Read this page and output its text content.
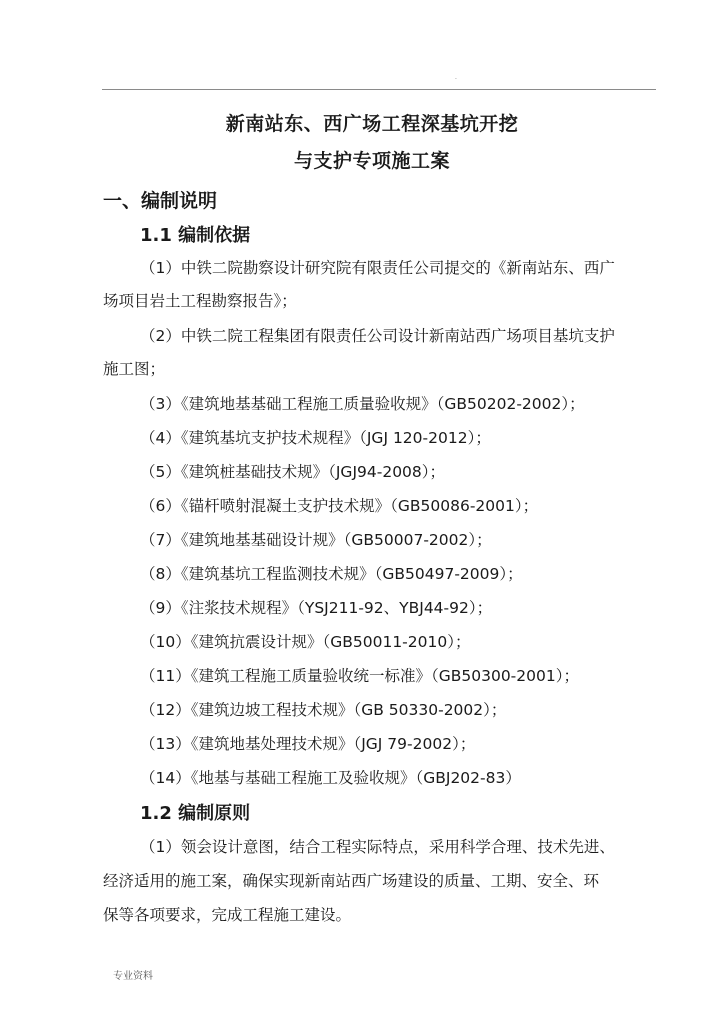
.
新南站东、西广场工程深基坑开挖
与支护专项施工案
一、编制说明
1.1 编制依据
（1）中铁二院勘察设计研究院有限责任公司提交的《新南站东、西广
场项目岩土工程勘察报告》；
（2）中铁二院工程集团有限责任公司设计新南站西广场项目基坑支护
施工图；
（3）《建筑地基基础工程施工质量验收规》（GB50202-2002）；
（4）《建筑基坑支护技术规程》（JGJ 120-2012）；
（5）《建筑桩基础技术规》（JGJ94-2008）；
（6）《锚杆喷射混凝土支护技术规》（GB50086-2001）；
（7）《建筑地基基础设计规》（GB50007-2002）；
（8）《建筑基坑工程监测技术规》（GB50497-2009）；
（9）《注浆技术规程》（YSJ211-92、YBJ44-92）；
（10）《建筑抗震设计规》（GB50011-2010）；
（11）《建筑工程施工质量验收统一标准》（GB50300-2001）；
（12）《建筑边坡工程技术规》（GB 50330-2002）；
（13）《建筑地基处理技术规》（JGJ 79-2002）；
（14）《地基与基础工程施工及验收规》（GBJ202-83）
1.2 编制原则
（1）领会设计意图，结合工程实际特点，采用科学合理、技术先进、
经济适用的施工案，确保实现新南站西广场建设的质量、工期、安全、环
保等各项要求，完成工程施工建设。
专业资料
